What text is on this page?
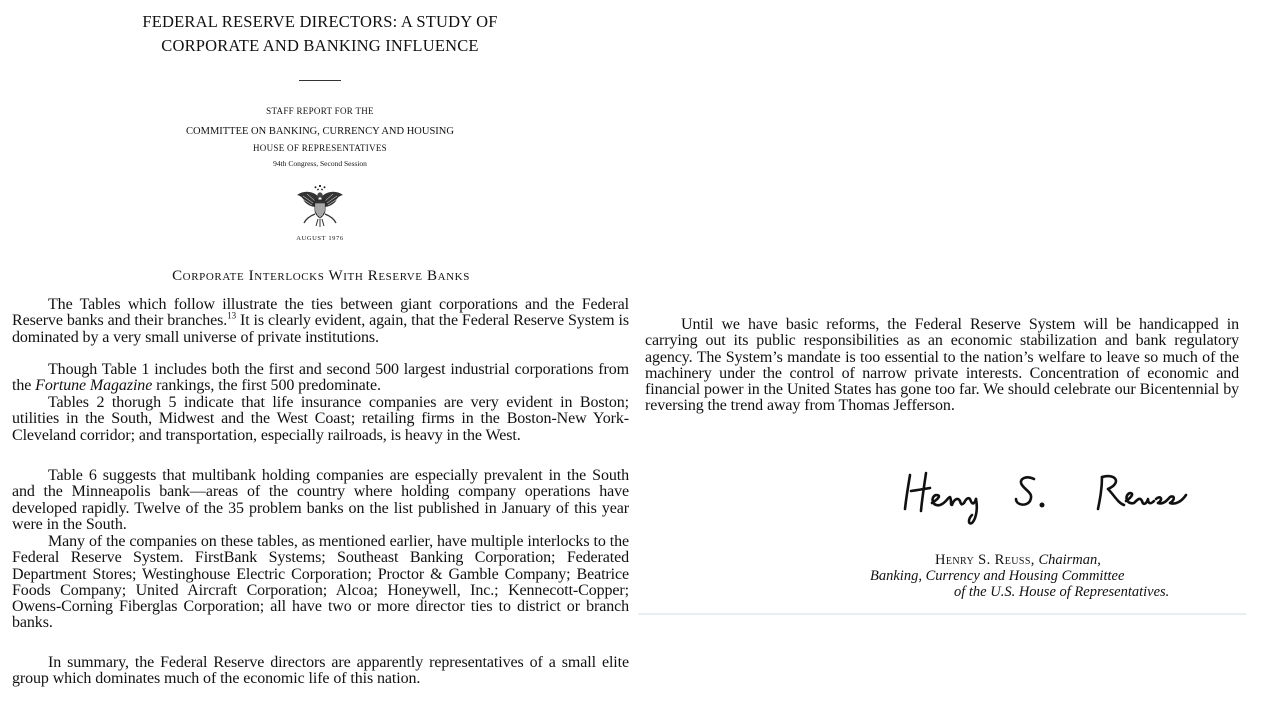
FEDERAL RESERVE DIRECTORS: A STUDY OF
CORPORATE AND BANKING INFLUENCE
STAFF REPORT FOR THE
COMMITTEE ON BANKING, CURRENCY AND HOUSING
HOUSE OF REPRESENTATIVES
94th Congress, Second Session
AUGUST 1976
Corporate Interlocks With Reserve Banks

The Tables which follow illustrate the ties between giant corporations and the Federal Reserve banks and their branches.$^{13}$ It is clearly evident, again, that the Federal Reserve System is dominated by a very small universe of private institutions.

Though Table 1 includes both the first and second 500 largest industrial corporations from the Fortune Magazine rankings, the first 500 predominate.

Tables 2 thorugh 5 indicate that life insurance companies are very evident in Boston; utilities in the South, Midwest and the West Coast; retailing firms in the Boston-New York-Cleveland corridor; and transportation, especially railroads, is heavy in the West.

Table 6 suggests that multibank holding companies are especially prevalent in the South and the Minneapolis bank—areas of the country where holding company operations have developed rapidly. Twelve of the 35 problem banks on the list published in January of this year were in the South.

Many of the companies on these tables, as mentioned earlier, have multiple interlocks to the Federal Reserve System. FirstBank Systems; Southeast Banking Corporation; Federated Department Stores; Westinghouse Electric Corporation; Proctor & Gamble Company; Beatrice Foods Company; United Aircraft Corporation; Alcoa; Honeywell, Inc.; Kennecott-Copper; Owens-Corning Fiberglas Corporation; all have two or more director ties to district or branch banks.

In summary, the Federal Reserve directors are apparently representatives of a small elite group which dominates much of the economic life of this nation.

Until we have basic reforms, the Federal Reserve System will be handicapped in carrying out its public responsibilities as an economic stabilization and bank regulatory agency. The System’s mandate is too essential to the nation’s welfare to leave so much of the machinery under the control of narrow private interests. Concentration of economic and financial power in the United States has gone too far. We should celebrate our Bicentennial by reversing the trend away from Thomas Jefferson.

Henry S. Reuss, Chairman,
Banking, Currency and Housing Committee
of the U.S. House of Representatives.
